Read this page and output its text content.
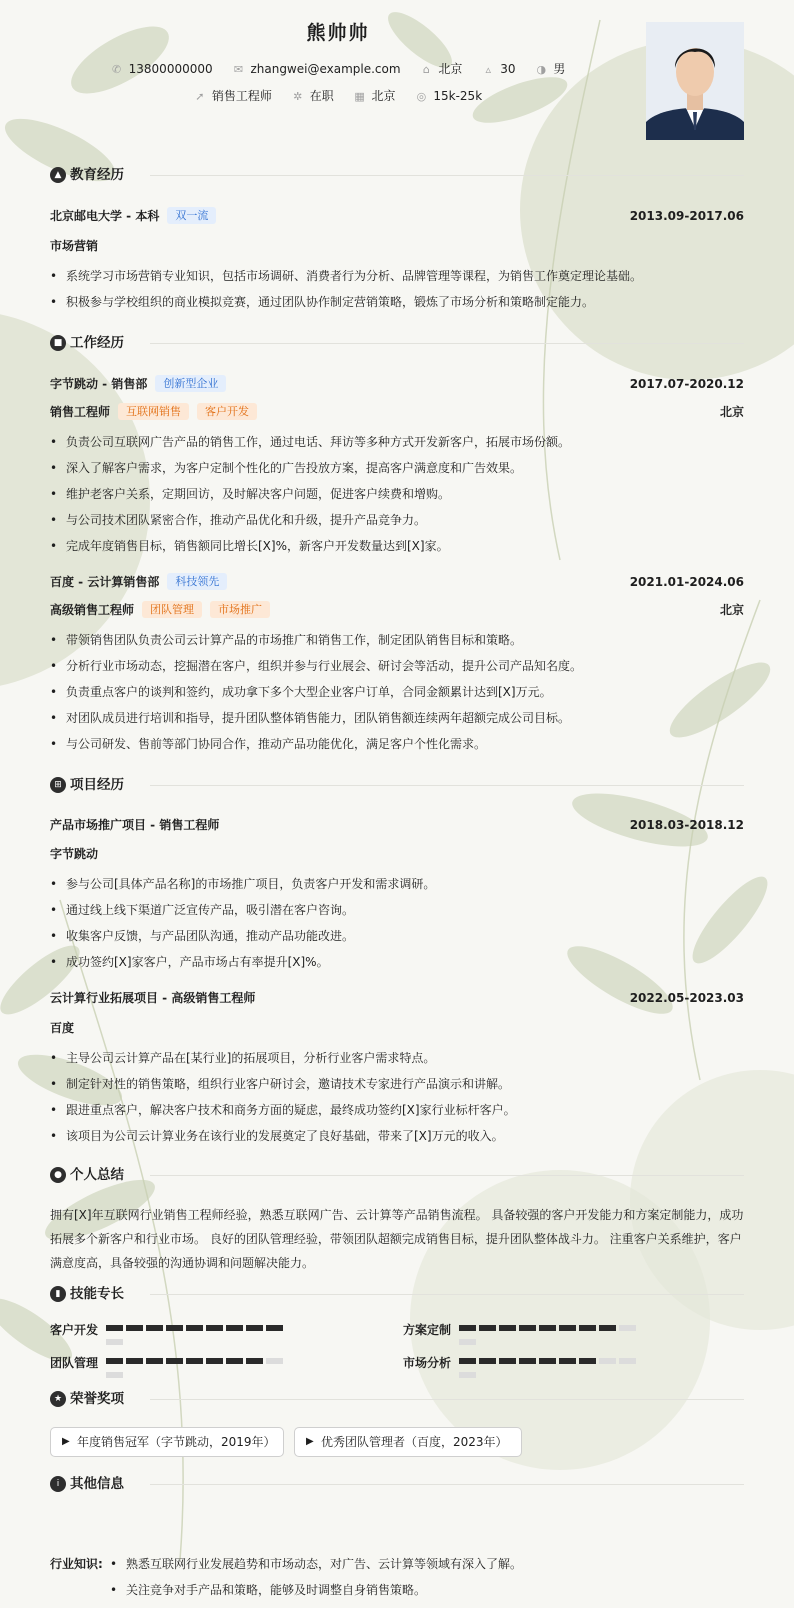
熊帅帅
✆ 13800000000 ✉ zhangwei@example.com ⌂ 北京 ▵ 30 ◑ 男
➚ 销售工程师 ✲ 在职 ▦ 北京 ◎ 15k-25k
▲ 教育经历
北京邮电大学 - 本科 双一流	2013.09-2017.06
市场营销
• 系统学习市场营销专业知识，包括市场调研、消费者行为分析、品牌管理等课程，为销售工作奠定理论基础。
• 积极参与学校组织的商业模拟竞赛，通过团队协作制定营销策略，锻炼了市场分析和策略制定能力。
■ 工作经历
字节跳动 - 销售部 创新型企业	2017.07-2020.12
销售工程师 互联网销售 客户开发	北京
• 负责公司互联网广告产品的销售工作，通过电话、拜访等多种方式开发新客户，拓展市场份额。
• 深入了解客户需求，为客户定制个性化的广告投放方案，提高客户满意度和广告效果。
• 维护老客户关系，定期回访，及时解决客户问题，促进客户续费和增购。
• 与公司技术团队紧密合作，推动产品优化和升级，提升产品竞争力。
• 完成年度销售目标，销售额同比增长[X]%，新客户开发数量达到[X]家。
百度 - 云计算销售部 科技领先	2021.01-2024.06
高级销售工程师 团队管理 市场推广	北京
• 带领销售团队负责公司云计算产品的市场推广和销售工作，制定团队销售目标和策略。
• 分析行业市场动态，挖掘潜在客户，组织并参与行业展会、研讨会等活动，提升公司产品知名度。
• 负责重点客户的谈判和签约，成功拿下多个大型企业客户订单，合同金额累计达到[X]万元。
• 对团队成员进行培训和指导，提升团队整体销售能力，团队销售额连续两年超额完成公司目标。
• 与公司研发、售前等部门协同合作，推动产品功能优化，满足客户个性化需求。
⊞ 项目经历
产品市场推广项目 - 销售工程师	2018.03-2018.12
字节跳动
• 参与公司[具体产品名称]的市场推广项目，负责客户开发和需求调研。
• 通过线上线下渠道广泛宣传产品，吸引潜在客户咨询。
• 收集客户反馈，与产品团队沟通，推动产品功能改进。
• 成功签约[X]家客户，产品市场占有率提升[X]%。
云计算行业拓展项目 - 高级销售工程师	2022.05-2023.03
百度
• 主导公司云计算产品在[某行业]的拓展项目，分析行业客户需求特点。
• 制定针对性的销售策略，组织行业客户研讨会，邀请技术专家进行产品演示和讲解。
• 跟进重点客户，解决客户技术和商务方面的疑虑，最终成功签约[X]家行业标杆客户。
• 该项目为公司云计算业务在该行业的发展奠定了良好基础，带来了[X]万元的收入。
● 个人总结
拥有[X]年互联网行业销售工程师经验，熟悉互联网广告、云计算等产品销售流程。 具备较强的客户开发能力和方案定制能力，成功
拓展多个新客户和行业市场。 良好的团队管理经验，带领团队超额完成销售目标，提升团队整体战斗力。 注重客户关系维护，客户
满意度高，具备较强的沟通协调和问题解决能力。
▮ 技能专长
客户开发	方案定制
团队管理	市场分析
★ 荣誉奖项
▶ 年度销售冠军（字节跳动，2019年）	▶ 优秀团队管理者（百度，2023年）
i 其他信息
行业知识: • 熟悉互联网行业发展趋势和市场动态，对广告、云计算等领域有深入了解。
• 关注竞争对手产品和策略，能够及时调整自身销售策略。
